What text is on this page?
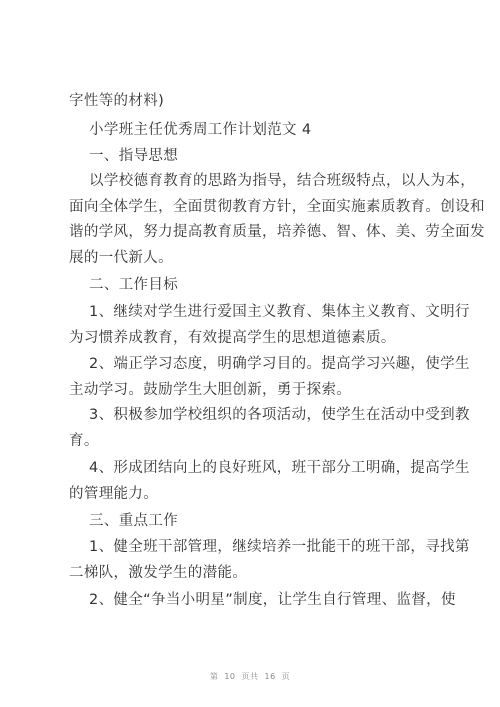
字性等的材料)
小学班主任优秀周工作计划范文 4
一、指导思想
以学校德育教育的思路为指导，结合班级特点，以人为本，
面向全体学生，全面贯彻教育方针，全面实施素质教育。创设和
谐的学风，努力提高教育质量，培养德、智、体、美、劳全面发
展的一代新人。
二、工作目标
1、继续对学生进行爱国主义教育、集体主义教育、文明行
为习惯养成教育，有效提高学生的思想道德素质。
2、端正学习态度，明确学习目的。提高学习兴趣，使学生
主动学习。鼓励学生大胆创新，勇于探索。
3、积极参加学校组织的各项活动，使学生在活动中受到教
育。
4、形成团结向上的良好班风，班干部分工明确，提高学生
的管理能力。
三、重点工作
1、健全班干部管理，继续培养一批能干的班干部，寻找第
二梯队，激发学生的潜能。
2、健全“争当小明星”制度，让学生自行管理、监督，使
第 10 页共 16 页
